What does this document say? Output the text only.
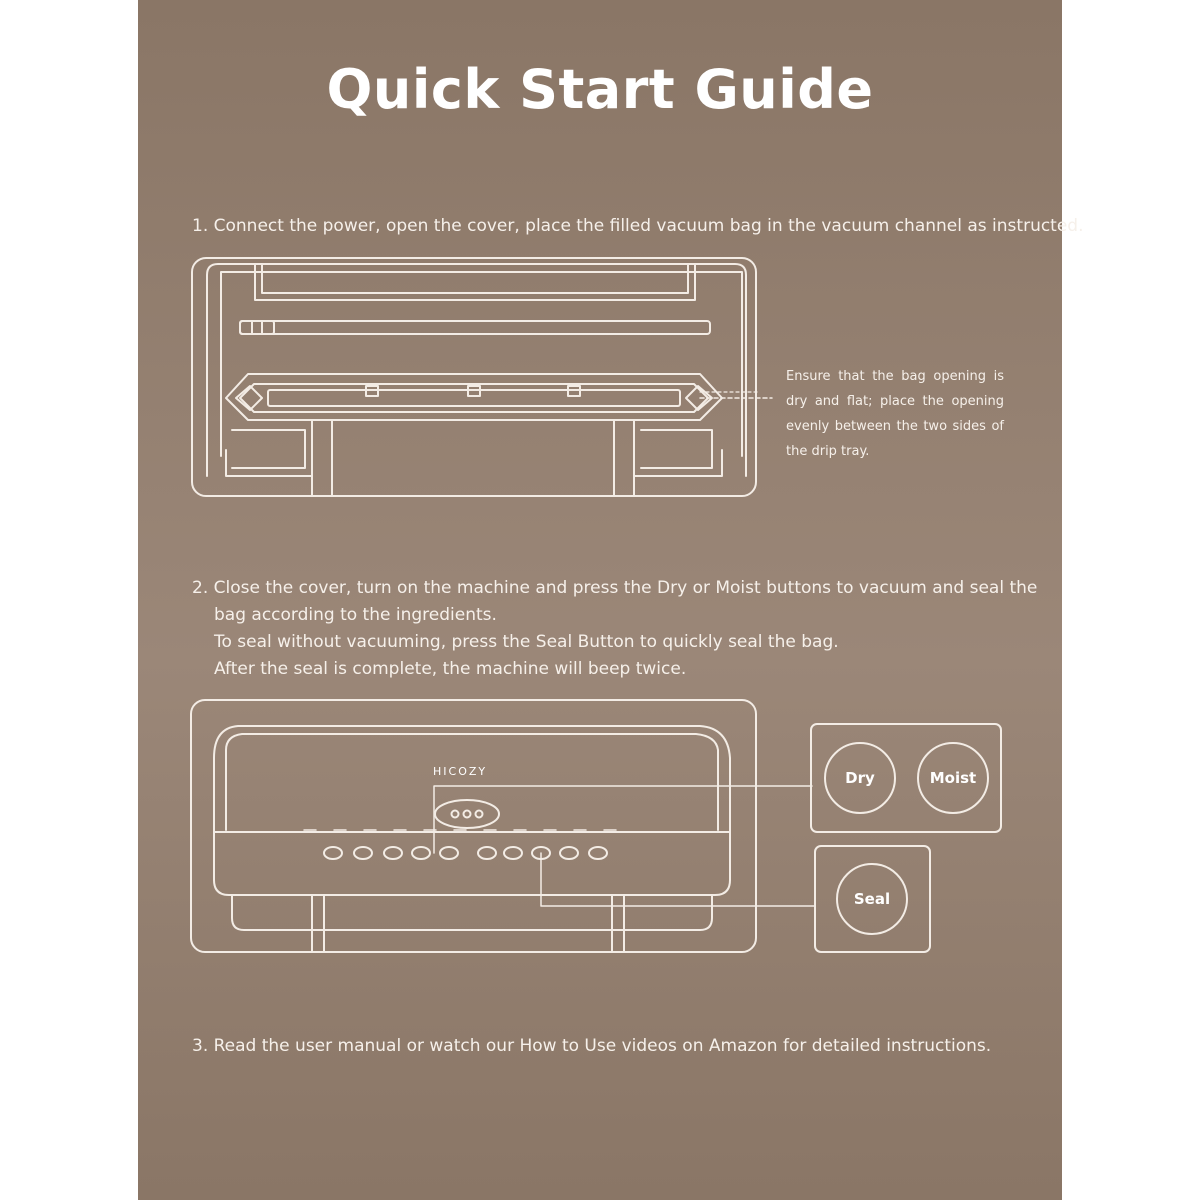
Quick Start Guide
1. Connect the power, open the cover, place the filled vacuum bag in the vacuum channel as instructed.
Ensure that the bag opening is dry and flat; place the opening evenly between the two sides of the drip tray.
2. Close the cover, turn on the machine and press the Dry or Moist buttons to vacuum and seal the
bag according to the ingredients.
To seal without vacuuming, press the Seal Button to quickly seal the bag.
After the seal is complete, the machine will beep twice.
3. Read the user manual or watch our How to Use videos on Amazon for detailed instructions.
HICOZY	Dry	Moist
Seal
